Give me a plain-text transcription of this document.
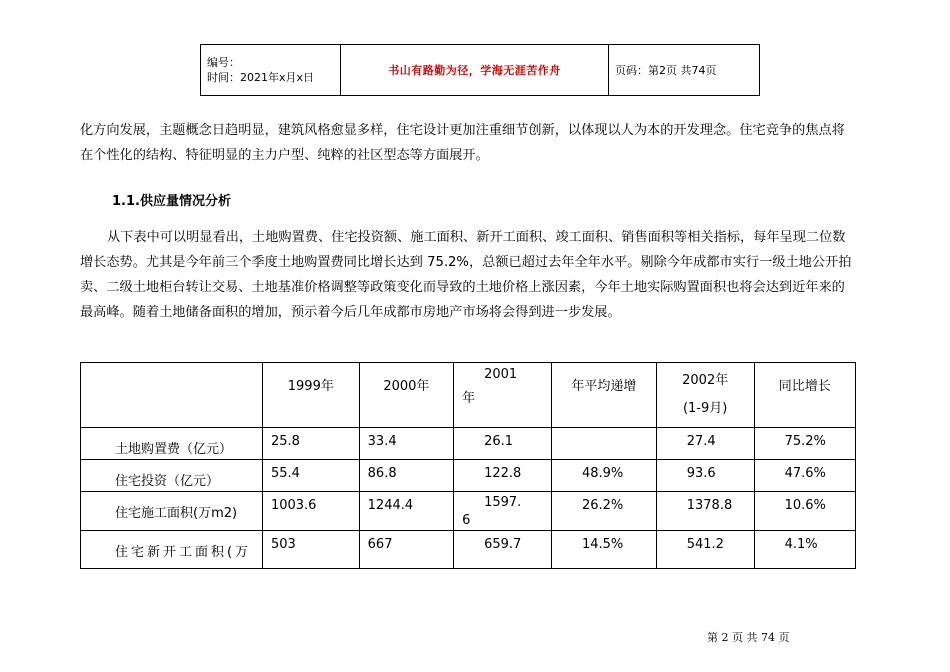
编号：
时间：2021年x月x日
	书山有路勤为径，学海无涯苦作舟	页码：第2页 共74页

化方向发展，主题概念日趋明显，建筑风格愈显多样，住宅设计更加注重细节创新，以体现以人为本的开发理念。住宅竞争的焦点将
在个性化的结构、特征明显的主力户型、纯粹的社区型态等方面展开。

1.1.供应量情况分析

从下表中可以明显看出，土地购置费、住宅投资额、施工面积、新开工面积、竣工面积、销售面积等相关指标，每年呈现二位数
增长态势。尤其是今年前三个季度土地购置费同比增长达到 75.2%，总额已超过去年全年水平。剔除今年成都市实行一级土地公开拍
卖、二级土地柜台转让交易、土地基准价格调整等政策变化而导致的土地价格上涨因素，今年土地实际购置面积也将会达到近年来的
最高峰。随着土地储备面积的增加，预示着今后几年成都市房地产市场将会得到进一步发展。

	1999年	2000年	2001
年	年平均递增	2002年
(1-9月)	同比增长
土地购置费（亿元）	25.8	33.4	26.1		27.4	75.2%
住宅投资（亿元）	55.4	86.8	122.8	48.9%	93.6	47.6%
住宅施工面积(万m2)	1003.6	1244.4	1597.
6	26.2%	1378.8	10.6%
住宅新开工面积(万	503	667	659.7	14.5%	541.2	4.1%
第 2 页 共 74 页
